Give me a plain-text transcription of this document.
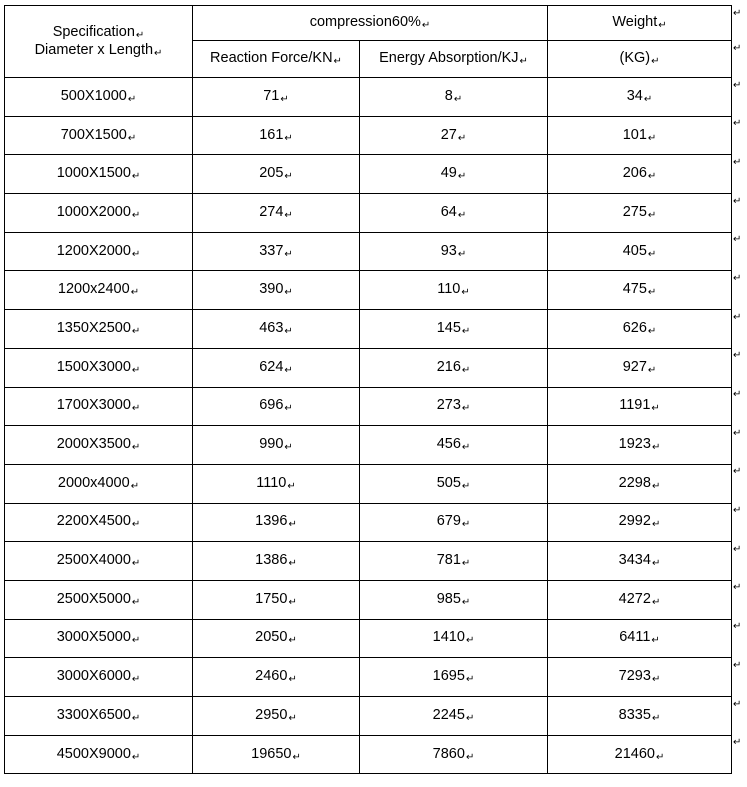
Specification↵
Diameter x Length↵	compression60%↵		Weight↵
	Reaction Force/KN↵	Energy Absorption/KJ↵	(KG)↵
500X1000↵	71↵	8↵	34↵
700X1500↵	161↵	27↵	101↵
1000X1500↵	205↵	49↵	206↵
1000X2000↵	274↵	64↵	275↵
1200X2000↵	337↵	93↵	405↵
1200x2400↵	390↵	110↵	475↵
1350X2500↵	463↵	145↵	626↵
1500X3000↵	624↵	216↵	927↵
1700X3000↵	696↵	273↵	1191↵
2000X3500↵	990↵	456↵	1923↵
2000x4000↵	1110↵	505↵	2298↵
2200X4500↵	1396↵	679↵	2992↵
2500X4000↵	1386↵	781↵	3434↵
2500X5000↵	1750↵	985↵	4272↵
3000X5000↵	2050↵	1410↵	6411↵
3000X6000↵	2460↵	1695↵	7293↵
3300X6500↵	2950↵	2245↵	8335↵
4500X9000↵	19650↵	7860↵	21460↵
↵
↵
↵
↵
↵
↵
↵
↵
↵
↵
↵
↵
↵
↵
↵
↵
↵
↵
↵
↵
